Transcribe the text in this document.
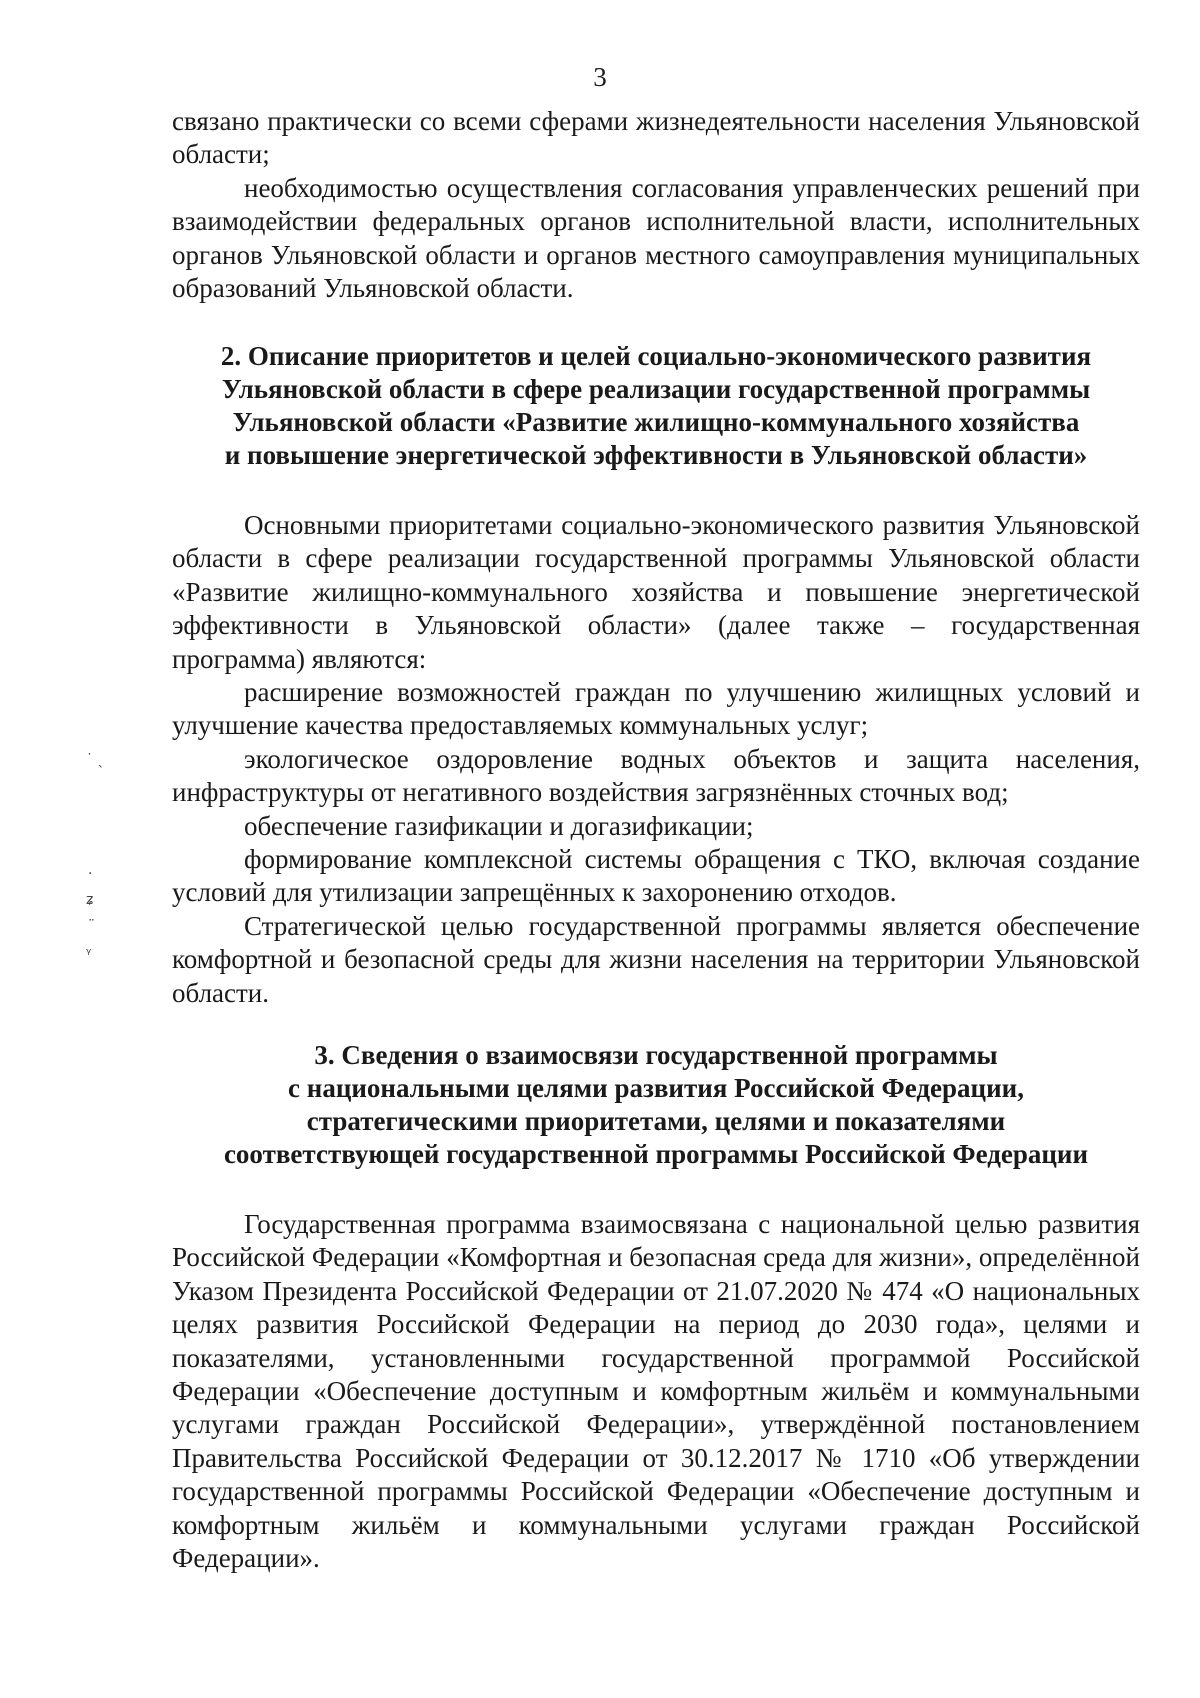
3

связано практически со всеми сферами жизнедеятельности населения Ульяновской области;

необходимостью осуществления согласования управленческих решений при взаимодействии федеральных органов исполнительной власти, исполнительных органов Ульяновской области и органов местного самоуправления муниципальных образований Ульяновской области.

2. Описание приоритетов и целей социально-экономического развития
Ульяновской области в сфере реализации государственной программы
Ульяновской области «Развитие жилищно-коммунального хозяйства
и повышение энергетической эффективности в Ульяновской области»

Основными приоритетами социально-экономического развития Ульяновской области в сфере реализации государственной программы Ульяновской области «Развитие жилищно-коммунального хозяйства и повышение энергетической эффективности в Ульяновской области» (далее также – государственная программа) являются:

расширение возможностей граждан по улучшению жилищных условий и улучшение качества предоставляемых коммунальных услуг;

экологическое оздоровление водных объектов и защита населения, инфраструктуры от негативного воздействия загрязнённых сточных вод;

обеспечение газификации и догазификации;

формирование комплексной системы обращения с ТКО, включая создание условий для утилизации запрещённых к захоронению отходов.

Стратегической целью государственной программы является обеспечение комфортной и безопасной среды для жизни населения на территории Ульяновской области.

3. Сведения о взаимосвязи государственной программы
с национальными целями развития Российской Федерации,
стратегическими приоритетами, целями и показателями
соответствующей государственной программы Российской Федерации

Государственная программа взаимосвязана с национальной целью развития Российской Федерации «Комфортная и безопасная среда для жизни», определённой Указом Президента Российской Федерации от 21.07.2020 № 474 «О национальных целях развития Российской Федерации на период до 2030 года», целями и показателями, установленными государственной программой Российской Федерации «Обеспечение доступным и комфортным жильём и коммунальными услугами граждан Российской Федерации», утверждённой постановлением Правительства Российской Федерации от 30.12.2017 № 1710 «Об утверждении государственной программы Российской Федерации «Обеспечение доступным и комфортным жильём и коммунальными услугами граждан Российской Федерации».

˙ ˎ
·
ʑ
¨
ᵞ
